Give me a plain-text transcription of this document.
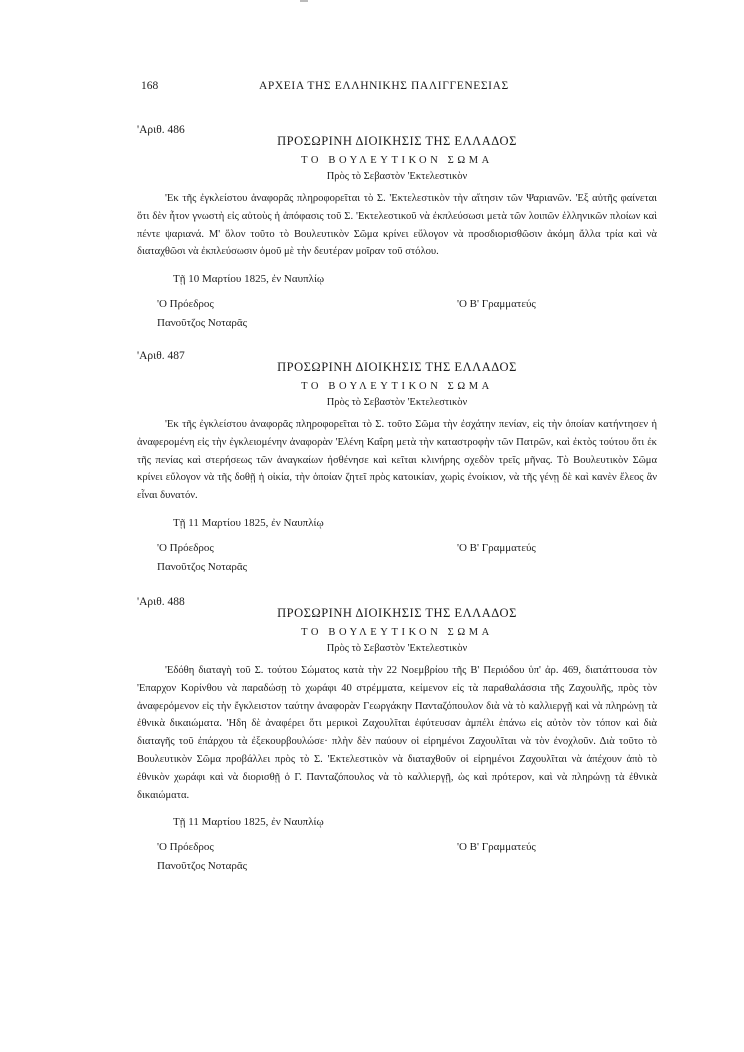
168	ΑΡΧΕΙΑ ΤΗΣ ΕΛΛΗΝΙΚΗΣ ΠΑΛΙΓΓΕΝΕΣΙΑΣ
'Αριθ. 486
ΠΡΟΣΩΡΙΝΗ ΔΙΟΙΚΗΣΙΣ ΤΗΣ ΕΛΛΑΔΟΣ
ΤΟ ΒΟΥΛΕΥΤΙΚΟΝ ΣΩΜΑ
Πρὸς τὸ Σεβαστὸν 'Εκτελεστικὸν

'Εκ τῆς ἐγκλείστου ἀναφορᾶς πληροφορεῖται τὸ Σ. 'Εκτελεστικὸν τὴν αἴτησιν τῶν Ψαριανῶν. 'Εξ αὐτῆς φαίνεται ὅτι δὲν ἦτον γνωστὴ εἰς αὐτοὺς ἡ ἀπόφασις τοῦ Σ. 'Εκτελεστικοῦ νὰ ἐκπλεύσωσι μετὰ τῶν λοιπῶν ἑλληνικῶν πλοίων καὶ πέντε ψαριανά. Μ' ὅλον τοῦτο τὸ Βουλευτικὸν Σῶμα κρίνει εὔλογον νὰ προσδιορισθῶσιν ἀκόμη ἄλλα τρία καὶ νὰ διαταχθῶσι νὰ ἐκπλεύσωσιν ὁμοῦ μὲ τὴν δευτέραν μοῖραν τοῦ στόλου.

Τῇ 10 Μαρτίου 1825, ἐν Ναυπλίῳ
'Ο Πρόεδρος
Πανοῦτζος Νοταρᾶς
'Ο Β' Γραμματεύς
'Αριθ. 487
ΠΡΟΣΩΡΙΝΗ ΔΙΟΙΚΗΣΙΣ ΤΗΣ ΕΛΛΑΔΟΣ
ΤΟ ΒΟΥΛΕΥΤΙΚΟΝ ΣΩΜΑ
Πρὸς τὸ Σεβαστὸν 'Εκτελεστικὸν

'Εκ τῆς ἐγκλείστου ἀναφορᾶς πληροφορεῖται τὸ Σ. τοῦτο Σῶμα τὴν ἐσχάτην πενίαν, εἰς τὴν ὁποίαν κατήντησεν ἡ ἀναφερομένη εἰς τὴν ἐγκλειομένην ἀναφορὰν 'Ελένη Καΐρη μετὰ τὴν καταστροφὴν τῶν Πατρῶν, καὶ ἐκτὸς τούτου ὅτι ἐκ τῆς πενίας καὶ στερήσεως τῶν ἀναγκαίων ἠσθένησε καὶ κεῖται κλινήρης σχεδὸν τρεῖς μῆνας. Τὸ Βουλευτικὸν Σῶμα κρίνει εὔλογον νὰ τῆς δοθῇ ἡ οἰκία, τὴν ὁποίαν ζητεῖ πρὸς κατοικίαν, χωρὶς ἐνοίκιον, νὰ τῆς γένῃ δὲ καὶ κανὲν ἔλεος ἂν εἶναι δυνατόν.

Τῇ 11 Μαρτίου 1825, ἐν Ναυπλίῳ
'Ο Πρόεδρος
Πανοῦτζος Νοταρᾶς
'Ο Β' Γραμματεύς
'Αριθ. 488
ΠΡΟΣΩΡΙΝΗ ΔΙΟΙΚΗΣΙΣ ΤΗΣ ΕΛΛΑΔΟΣ
ΤΟ ΒΟΥΛΕΥΤΙΚΟΝ ΣΩΜΑ
Πρὸς τὸ Σεβαστὸν 'Εκτελεστικὸν

'Εδόθη διαταγὴ τοῦ Σ. τούτου Σώματος κατὰ τὴν 22 Νοεμβρίου τῆς Β' Περιόδου ὑπ' ἀρ. 469, διατάττουσα τὸν 'Επαρχον Κορίνθου νὰ παραδώσῃ τὸ χωράφι 40 στρέμματα, κείμενον εἰς τὰ παραθαλάσσια τῆς Ζαχουλῆς, πρὸς τὸν ἀναφερόμενον εἰς τὴν ἔγκλειστον ταύτην ἀναφορὰν Γεωργάκην Πανταζόπουλον διὰ νὰ τὸ καλλιεργῇ καὶ νὰ πληρώνῃ τὰ ἐθνικὰ δικαιώματα. 'Ηδη δὲ ἀναφέρει ὅτι μερικοὶ Ζαχουλῖται ἐφύτευσαν ἀμπέλι ἐπάνω εἰς αὐτὸν τὸν τόπον καὶ διὰ διαταγῆς τοῦ ἐπάρχου τὰ ἐξεκουρβουλώσε· πλὴν δὲν παύουν οἱ εἰρημένοι Ζαχουλῖται νὰ τὸν ἐνοχλοῦν. Διὰ τοῦτο τὸ Βουλευτικὸν Σῶμα προβάλλει πρὸς τὸ Σ. 'Εκτελεστικὸν νὰ διαταχθοῦν οἱ εἰρημένοι Ζαχουλῖται νὰ ἀπέχουν ἀπὸ τὸ ἐθνικὸν χωράφι καὶ νὰ διορισθῇ ὁ Γ. Πανταζόπουλος νὰ τὸ καλλιεργῇ, ὡς καὶ πρότερον, καὶ νὰ πληρώνῃ τὰ ἐθνικὰ δικαιώματα.

Τῇ 11 Μαρτίου 1825, ἐν Ναυπλίῳ
'Ο Πρόεδρος
Πανοῦτζος Νοταρᾶς
'Ο Β' Γραμματεύς
